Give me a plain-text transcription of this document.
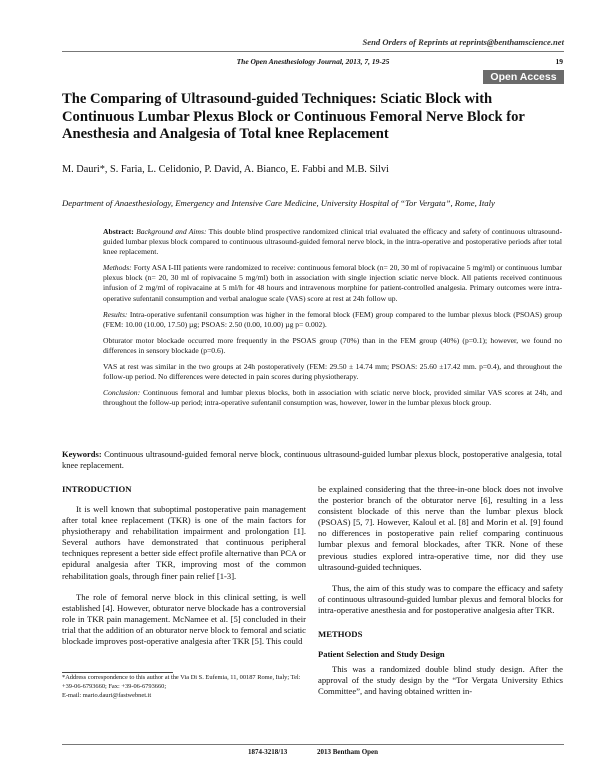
Send Orders of Reprints at reprints@benthamscience.net
The Open Anesthesiology Journal, 2013, 7, 19-25	19
Open Access
The Comparing of Ultrasound-guided Techniques: Sciatic Block with Continuous Lumbar Plexus Block or Continuous Femoral Nerve Block for Anesthesia and Analgesia of Total knee Replacement
M. Dauri*, S. Faria, L. Celidonio, P. David, A. Bianco, E. Fabbi and M.B. Silvi
Department of Anaesthesiology, Emergency and Intensive Care Medicine, University Hospital of “Tor Vergata”, Rome, Italy

Abstract: Background and Aims: This double blind prospective randomized clinical trial evaluated the efficacy and safety of continuous ultrasound-guided lumbar plexus block compared to continuous ultrasound-guided femoral nerve block, in the intra-operative and postoperative periods after total knee replacement.

Methods: Forty ASA I-III patients were randomized to receive: continuous femoral block (n= 20, 30 ml of ropivacaine 5 mg/ml) or continuous lumbar plexus block (n= 20, 30 ml of ropivacaine 5 mg/ml) both in association with single injection sciatic nerve block. All patients received continuous infusion of 2 mg/ml of ropivacaine at 5 ml/h for 48 hours and intravenous morphine for patient-controlled analgesia. Primary outcomes were intra-operative sufentanil consumption and verbal analogue scale (VAS) score at rest at 24h follow up.

Results: Intra-operative sufentanil consumption was higher in the femoral block (FEM) group compared to the lumbar plexus block (PSOAS) group (FEM: 10.00 (10.00, 17.50) µg; PSOAS: 2.50 (0.00, 10.00) µg p= 0.002).

Obturator motor blockade occurred more frequently in the PSOAS group (70%) than in the FEM group (40%) (p=0.1); however, we found no differences in sensory blockade (p=0.6).

VAS at rest was similar in the two groups at 24h postoperatively (FEM: 29.50 ± 14.74 mm; PSOAS: 25.60 ±17.42 mm. p=0.4), and throughout the follow-up period. No differences were detected in pain scores during physiotherapy.

Conclusion: Continuous femoral and lumbar plexus blocks, both in association with sciatic nerve block, provided similar VAS scores at 24h, and throughout the follow-up period; intra-operative sufentanil consumption was, however, lower in the lumbar plexus block group.

Keywords: Continuous ultrasound-guided femoral nerve block, continuous ultrasound-guided lumbar plexus block, postoperative analgesia, total knee replacement.
INTRODUCTION

It is well known that suboptimal postoperative pain management after total knee replacement (TKR) is one of the main factors for physiotherapy and rehabilitation impairment and prolongation [1]. Several authors have demonstrated that continuous peripheral techniques represent a better side effect profile alternative than PCA or epidural analgesia after TKR, improving most of the common rehabilitation goals, through finer pain relief [1-3].

The role of femoral nerve block in this clinical setting, is well established [4]. However, obturator nerve blockade has a controversial role in TKR pain management. McNamee et al. [5] concluded in their trial that the addition of an obturator nerve block to femoral and sciatic blockade improves post-operative analgesia after TKR [5]. This could

be explained considering that the three-in-one block does not involve the posterior branch of the obturator nerve [6], resulting in a less consistent blockade of this nerve than the lumbar plexus block (PSOAS) [5, 7]. However, Kaloul et al. [8] and Morin et al. [9] found no differences in postoperative pain relief comparing continuous lumbar plexus and femoral blockades, after TKR. None of these previous studies explored intra-operative time, nor did they use ultrasound-guided techniques.

Thus, the aim of this study was to compare the efficacy and safety of continuous ultrasound-guided lumbar plexus and femoral blocks for intra-operative anesthesia and for postoperative analgesia after TKR.

METHODS
Patient Selection and Study Design

This was a randomized double blind study design. After the approval of the study design by the “Tor Vergata University Ethics Committee”, and having obtained written in-

*Address correspondence to this author at the Via Di S. Eufemia, 11, 00187 Rome, Italy; Tel: +39-06-6793660; Fax: +39-06-6793660;
E-mail: mario.dauri@fastwebnet.it
1874-3218/13	2013 Bentham Open
